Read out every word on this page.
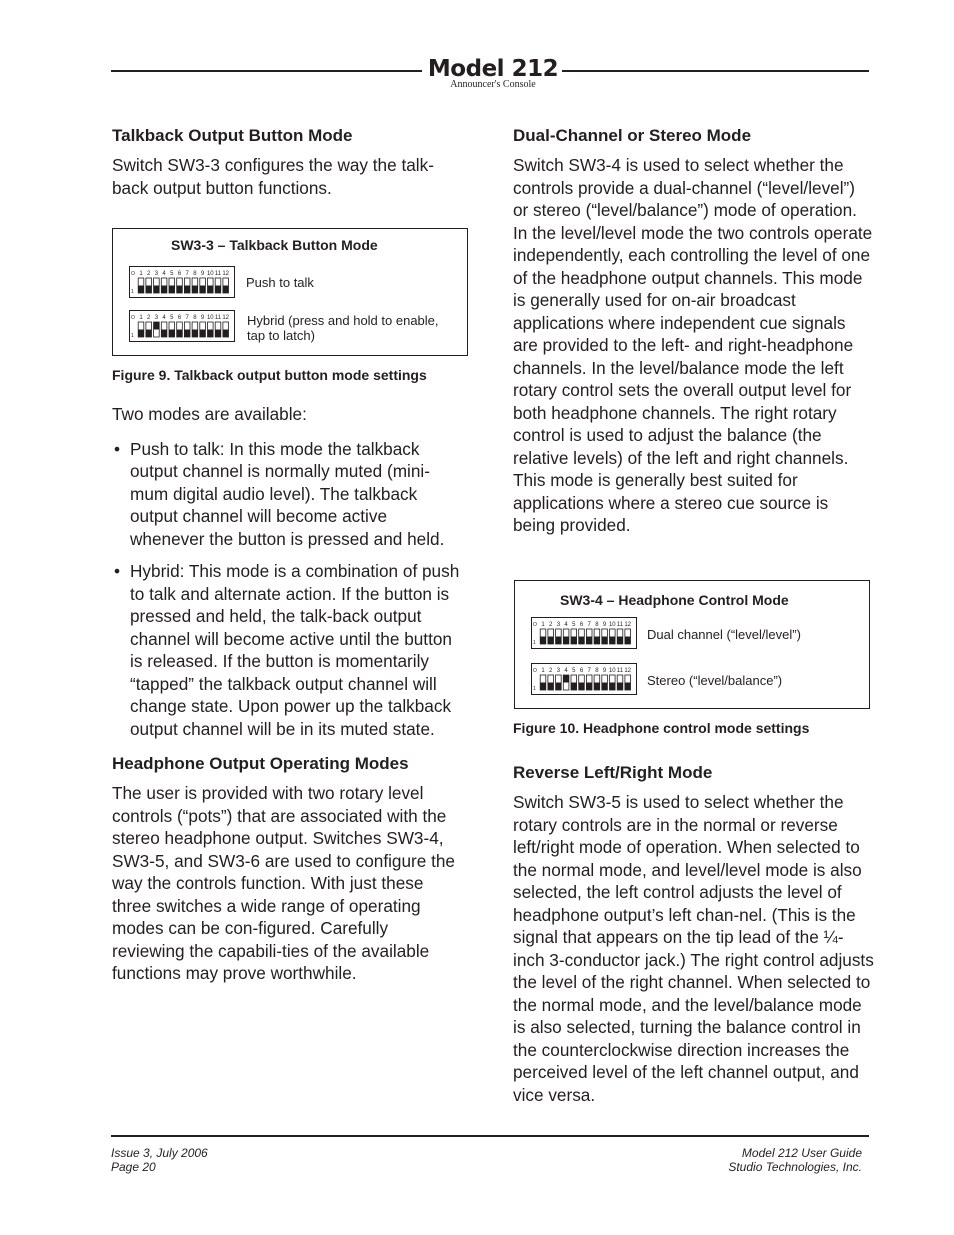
Model 212
Announcer's Console
Talkback Output Button Mode

Switch SW3-3 configures the way the talk-back output button functions.

SW3-3 – Talkback Button Mode
O
1
1 2 3 4 5 6 7 8 9 10 11 12
Push to talk
O
1
1 2 3 4 5 6 7 8 9 10 11 12 Hybrid (press and hold to enable, tap to latch)
Figure 9. Talkback output button mode settings

Two modes are available:

• Push to talk: In this mode the talkback output channel is normally muted (mini-mum digital audio level). The talkback output channel will become active whenever the button is pressed and held.
• Hybrid: This mode is a combination of push to talk and alternate action. If the button is pressed and held, the talk-back output channel will become active until the button is released. If the button is momentarily “tapped” the talkback output channel will change state. Upon power up the talkback output channel will be in its muted state.
Headphone Output Operating Modes

The user is provided with two rotary level controls (“pots”) that are associated with the stereo headphone output. Switches SW3-4, SW3-5, and SW3-6 are used to configure the way the controls function. With just these three switches a wide range of operating modes can be con-figured. Carefully reviewing the capabili-ties of the available functions may prove worthwhile.

Dual-Channel or Stereo Mode

Switch SW3-4 is used to select whether the controls provide a dual-channel (“level/level”) or stereo (“level/balance”) mode of operation. In the level/level mode the two controls operate independently, each controlling the level of one of the headphone output channels. This mode is generally used for on-air broadcast applications where independent cue signals are provided to the left- and right-headphone channels. In the level/balance mode the left rotary control sets the overall output level for both headphone channels. The right rotary control is used to adjust the balance (the relative levels) of the left and right channels. This mode is generally best suited for applications where a stereo cue source is being provided.

SW3-4 – Headphone Control Mode
O
1
1 2 3 4 5 6 7 8 9 10 11 12
Dual channel (“level/level”)
O
1
1 2 3 4 5 6 7 8 9 10 11 12
Stereo (“level/balance”)
Figure 10. Headphone control mode settings
Reverse Left/Right Mode

Switch SW3-5 is used to select whether the rotary controls are in the normal or reverse left/right mode of operation. When selected to the normal mode, and level/level mode is also selected, the left control adjusts the level of headphone output’s left chan-nel. (This is the signal that appears on the tip lead of the ¼-inch 3-conductor jack.) The right control adjusts the level of the right channel. When selected to the normal mode, and the level/balance mode is also selected, turning the balance control in the counterclockwise direction increases the perceived level of the left channel output, and vice versa.

Issue 3, July 2006
Page 20
Model 212 User Guide
Studio Technologies, Inc.
